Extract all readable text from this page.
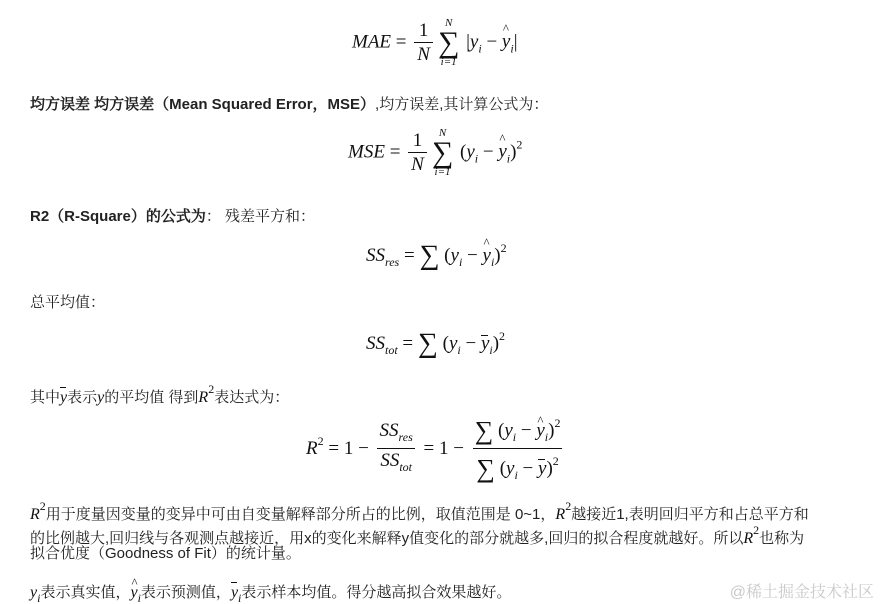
MAE = $\frac{1}{N}$ N
∑
i=1
$|y_i$ − ^ $y_i|$
均方误差 均方误差（Mean Squared Error，MSE）,均方误差,其计算公式为：
MSE = $\frac{1}{N}$ N
∑
i=1
($y_i$ − ^ $y_i)^2$
R2（R-Square）的公式为： 残差平方和：
$SS_{res}$ = ∑ ($y_i$ − ^ $y_i)^2$
总平均值：
$SS_{tot}$ = ∑ $(y_i - y_i)^2$
其中y表示y的平均值 得到$R^2$表达式为：
$R^2 = 1 - \frac{SS_{res}}{SS_{tot}} = 1 - \frac{\sum (y_i - \^{} y_i)^2}{\sum (y_i - y)^2}$
$R^2$用于度量因变量的变异中可由自变量解释部分所占的比例，取值范围是 0~1，$R^2$越接近1,表明回归平方和占总平方和
的比例越大,回归线与各观测点越接近，用x的变化来解释y值变化的部分就越多,回归的拟合程度就越好。所以$R^2$也称为
拟合优度（Goodness of Fit）的统计量。
$y_i$表示真实值，^ $y_i$表示预测值，$y_i$表示样本均值。得分越高拟合效果越好。	@稀土掘金技术社区
